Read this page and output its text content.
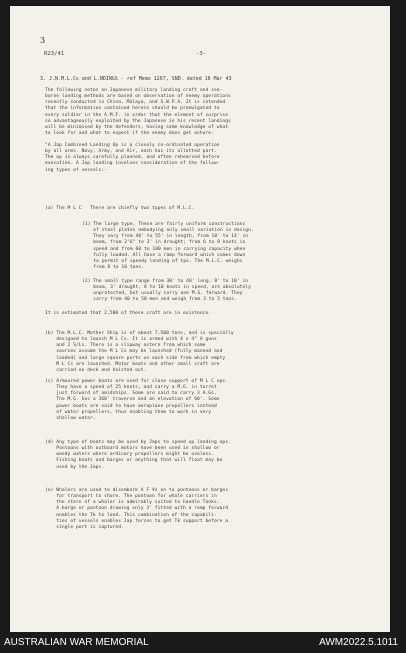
3
R23/41	-3-
3. J.N.M.L.Cs and L.NDINGS - ref Memo 1267, SND. dated 16 Mar 43
The following notes on Japanese military landing craft and sea-
borne landing methods are based on observation of enemy operations
recently conducted in China, Malaya, and S.W.P.A. It is intended
that the information contained herein should be promulgated to
every soldier in the A.M.F. in order that the element of surprise
so advantageously exploited by the Japanese in his recent landings
will be minimised by the defenders, having some knowledge of what
to look for and what to expect if the enemy does get ashore.
"A Jap Combined Landing Op is a closely co-ordinated operation
by all arms. Navy, Army, and Air, each has its allotted part.
The op is always carefully planned, and often rehearsed before
execution. A Jap landing involves consideration of the follow-
ing types of vessels:-
(a) The M L C   There are chiefly two types of M.L.C.
(1) The large type. These are fairly uniform constructions
of steel plates embodying only small variation in design.
They vary from 40' to 55' in length, from 10' to 14' in
beam, from 2'6" to 3' in draught; from 6 to 8 knots in
speed and from 60 to 100 men in carrying capacity when
fully loaded. All have a ramp forward which comes down
to permit of speedy landing of tps. The M.L.C. weighs
from 8 to 10 tons.
(2) The small type range from 30' to 40' long, 8' to 10' in
beam, 3' draught, 8 to 10 knots in speed, are absolutely
unprotected, but usually carry one M.G. forward. They
carry from 40 to 50 men and weigh from 3 to 5 tons.
It is estimated that 2,500 of these craft are in existence.
(b) The M.L.C. Mother Ship is of about 7,500 tons, and is specially
designed to launch M L Cs. It is armed with 4 x 4" A guns
and 2 S/Ls. There is a slipway astern from which some
sources assume the M L Cs may be launched (fully manned and
loaded) and large square ports on each side from which empty
M L Cs are launched. Motor boats and other small craft are
carried on deck and hoisted out.
(c) Armoured power boats are used for close support of M L C ops.
They have a speed of 25 knots, and carry a M.G. in turret
just forward of amidships. Some are said to carry 3 A.Gs.
The M.G. has a 360' traverse and an elevation of 60'. Some
power boats are said to have aeroplane propellers instead
of water propellers, thus enabling them to work in very
shallow water.
(d) Any type of boats may be used by Japs to speed up landing ops.
Pontoons with outboard motors have been used in shallow or
weedy waters where ordinary propellers might be useless.
Fishing boats and barges or anything that will float may be
used by the Japs.
(e) Whalers are used to disembark A F Vs on to pontoons or barges
for transport to shore. The pontoon for whale carriers in
the stern of a whaler is admirably suited to handle Tanks.
A barge or pontoon drawing only 3' fitted with a ramp forward
enables the Tk to land. This combination of the capabili-
ties of vessels enables Jap forces to get Tk support before a
single port is captured.
AUSTRALIAN WAR MEMORIAL	AWM2022.5.1011
